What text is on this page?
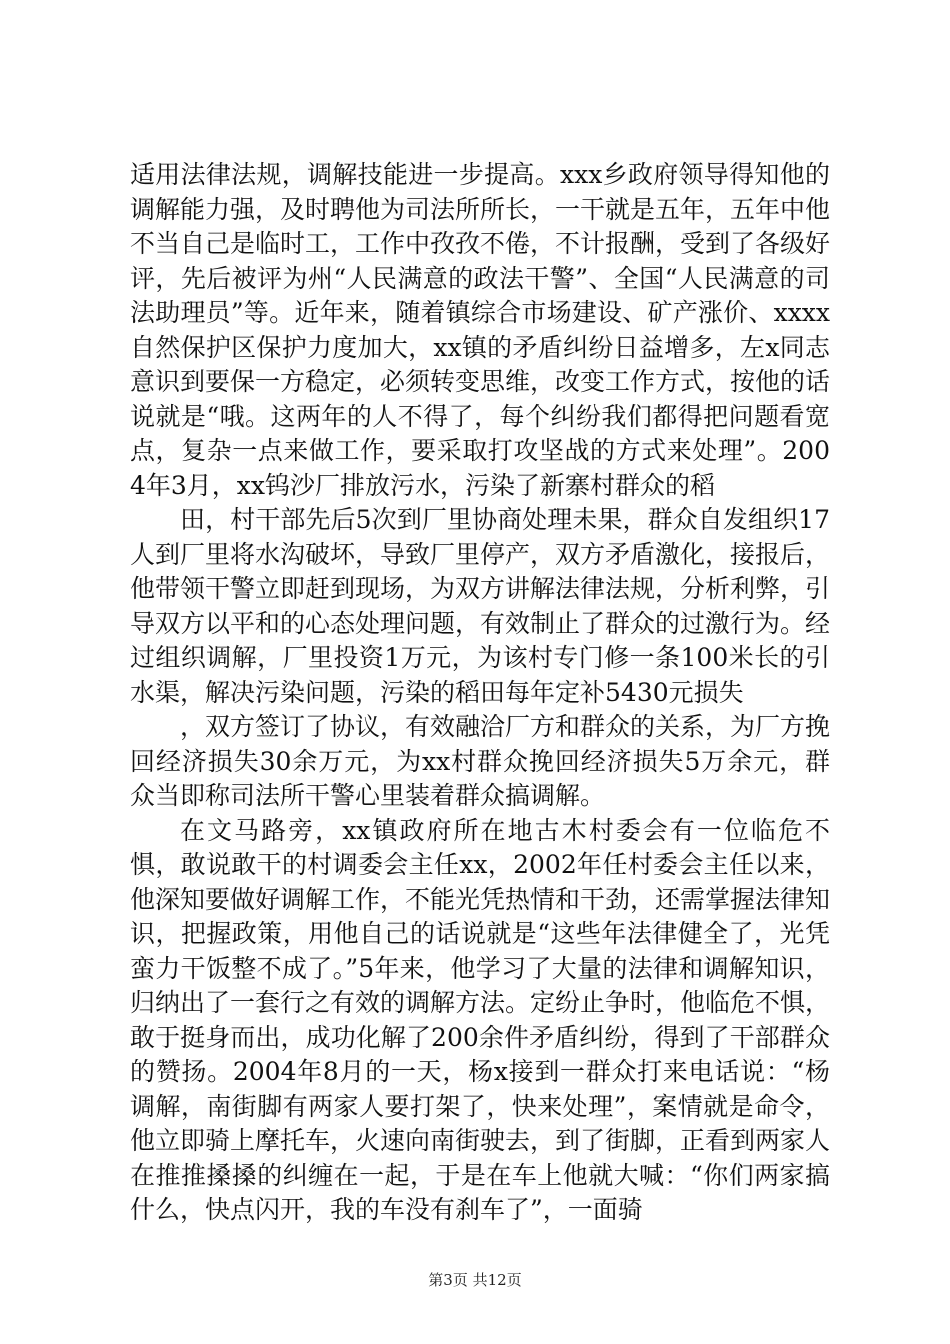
适用法律法规，调解技能进一步提高。xxx乡政府领导得知他的调解能力强，及时聘他为司法所所长，一干就是五年，五年中他不当自己是临时工，工作中孜孜不倦，不计报酬，受到了各级好评，先后被评为州“人民满意的政法干警”、全国“人民满意的司法助理员”等。近年来，随着镇综合市场建设、矿产涨价、xxxx自然保护区保护力度加大，xx镇的矛盾纠纷日益增多，左x同志意识到要保一方稳定，必须转变思维，改变工作方式，按他的话说就是“哦。这两年的人不得了，每个纠纷我们都得把问题看宽点，复杂一点来做工作，要采取打攻坚战的方式来处理”。2004年3月，xx钨沙厂排放污水，污染了新寨村群众的稻

田，村干部先后5次到厂里协商处理未果，群众自发组织17人到厂里将水沟破坏，导致厂里停产，双方矛盾激化，接报后，他带领干警立即赶到现场，为双方讲解法律法规，分析利弊，引导双方以平和的心态处理问题，有效制止了群众的过激行为。经过组织调解，厂里投资1万元，为该村专门修一条100米长的引水渠，解决污染问题，污染的稻田每年定补5430元损失

，双方签订了协议，有效融洽厂方和群众的关系，为厂方挽回经济损失30余万元，为xx村群众挽回经济损失5万余元，群众当即称司法所干警心里装着群众搞调解。

在文马路旁，xx镇政府所在地古木村委会有一位临危不惧，敢说敢干的村调委会主任xx，2002年任村委会主任以来，他深知要做好调解工作，不能光凭热情和干劲，还需掌握法律知识，把握政策，用他自己的话说就是“这些年法律健全了，光凭蛮力干饭整不成了。”5年来，他学习了大量的法律和调解知识，归纳出了一套行之有效的调解方法。定纷止争时，他临危不惧，敢于挺身而出，成功化解了200余件矛盾纠纷，得到了干部群众的赞扬。2004年8月的一天，杨x接到一群众打来电话说：“杨调解，南街脚有两家人要打架了，快来处理”，案情就是命令，他立即骑上摩托车，火速向南街驶去，到了街脚，正看到两家人在推推搡搡的纠缠在一起，于是在车上他就大喊：“你们两家搞什么，快点闪开，我的车没有刹车了”，一面骑

第3页 共12页
